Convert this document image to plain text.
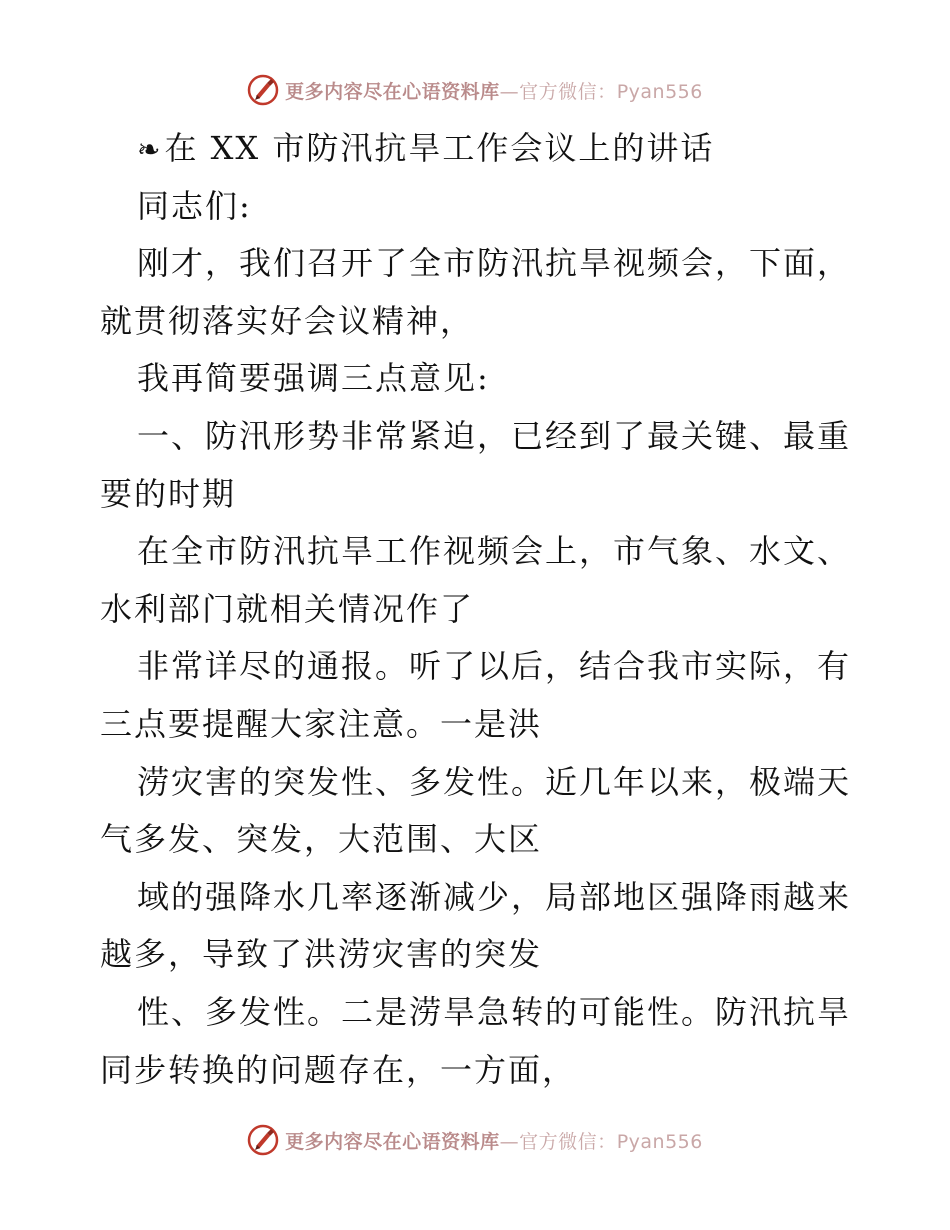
更多内容尽在心语资料库—官方微信：Pyan556
❧在 XX 市防汛抗旱工作会议上的讲话
同志们:
刚才，我们召开了全市防汛抗旱视频会，下面，
就贯彻落实好会议精神，
我再简要强调三点意见:
一、防汛形势非常紧迫，已经到了最关键、最重
要的时期
在全市防汛抗旱工作视频会上，市气象、水文、
水利部门就相关情况作了
非常详尽的通报。听了以后，结合我市实际，有
三点要提醒大家注意。一是洪
涝灾害的突发性、多发性。近几年以来，极端天
气多发、突发，大范围、大区
域的强降水几率逐渐减少，局部地区强降雨越来
越多，导致了洪涝灾害的突发
性、多发性。二是涝旱急转的可能性。防汛抗旱
同步转换的问题存在，一方面，
更多内容尽在心语资料库—官方微信：Pyan556
